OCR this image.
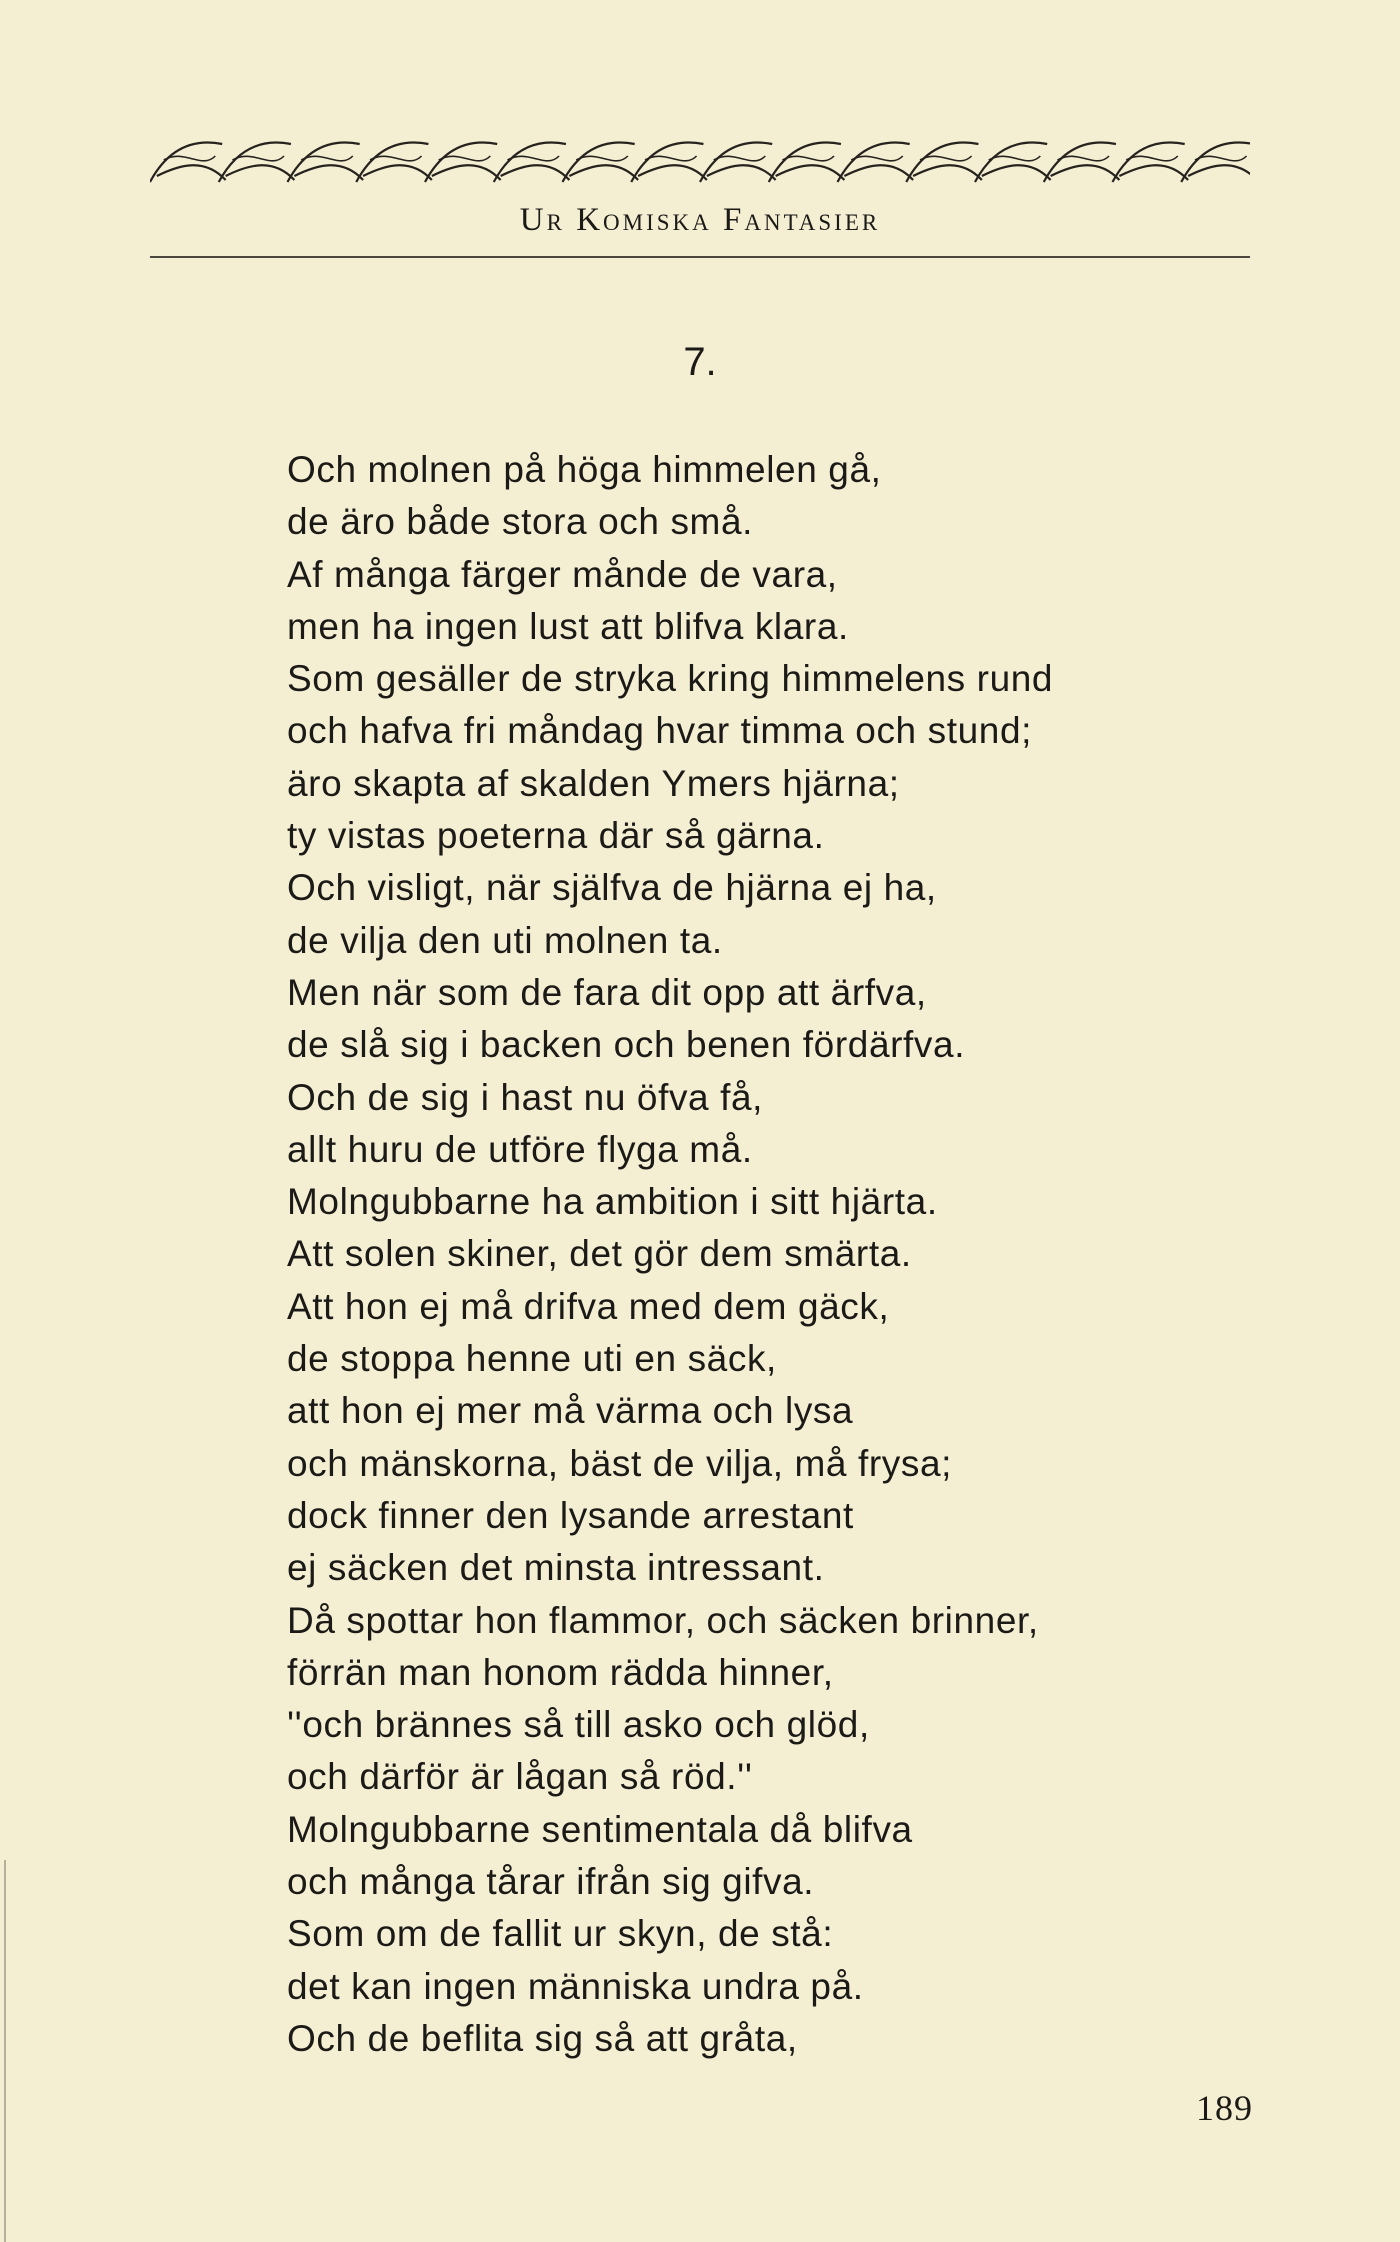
Ur Komiska Fantasier
7.
Och molnen på höga himmelen gå,
de äro både stora och små.
Af många färger månde de vara,
men ha ingen lust att blifva klara.
Som gesäller de stryka kring himmelens rund
och hafva fri måndag hvar timma och stund;
äro skapta af skalden Ymers hjärna;
ty vistas poeterna där så gärna.
Och visligt, när själfva de hjärna ej ha,
de vilja den uti molnen ta.
Men när som de fara dit opp att ärfva,
de slå sig i backen och benen fördärfva.
Och de sig i hast nu öfva få,
allt huru de utföre flyga må.
Molngubbarne ha ambition i sitt hjärta.
Att solen skiner, det gör dem smärta.
Att hon ej må drifva med dem gäck,
de stoppa henne uti en säck,
att hon ej mer må värma och lysa
och mänskorna, bäst de vilja, må frysa;
dock finner den lysande arrestant
ej säcken det minsta intressant.
Då spottar hon flammor, och säcken brinner,
förrän man honom rädda hinner,
''och brännes så till asko och glöd,
och därför är lågan så röd.''
Molngubbarne sentimentala då blifva
och många tårar ifrån sig gifva.
Som om de fallit ur skyn, de stå:
det kan ingen människa undra på.
Och de beflita sig så att gråta,
189
